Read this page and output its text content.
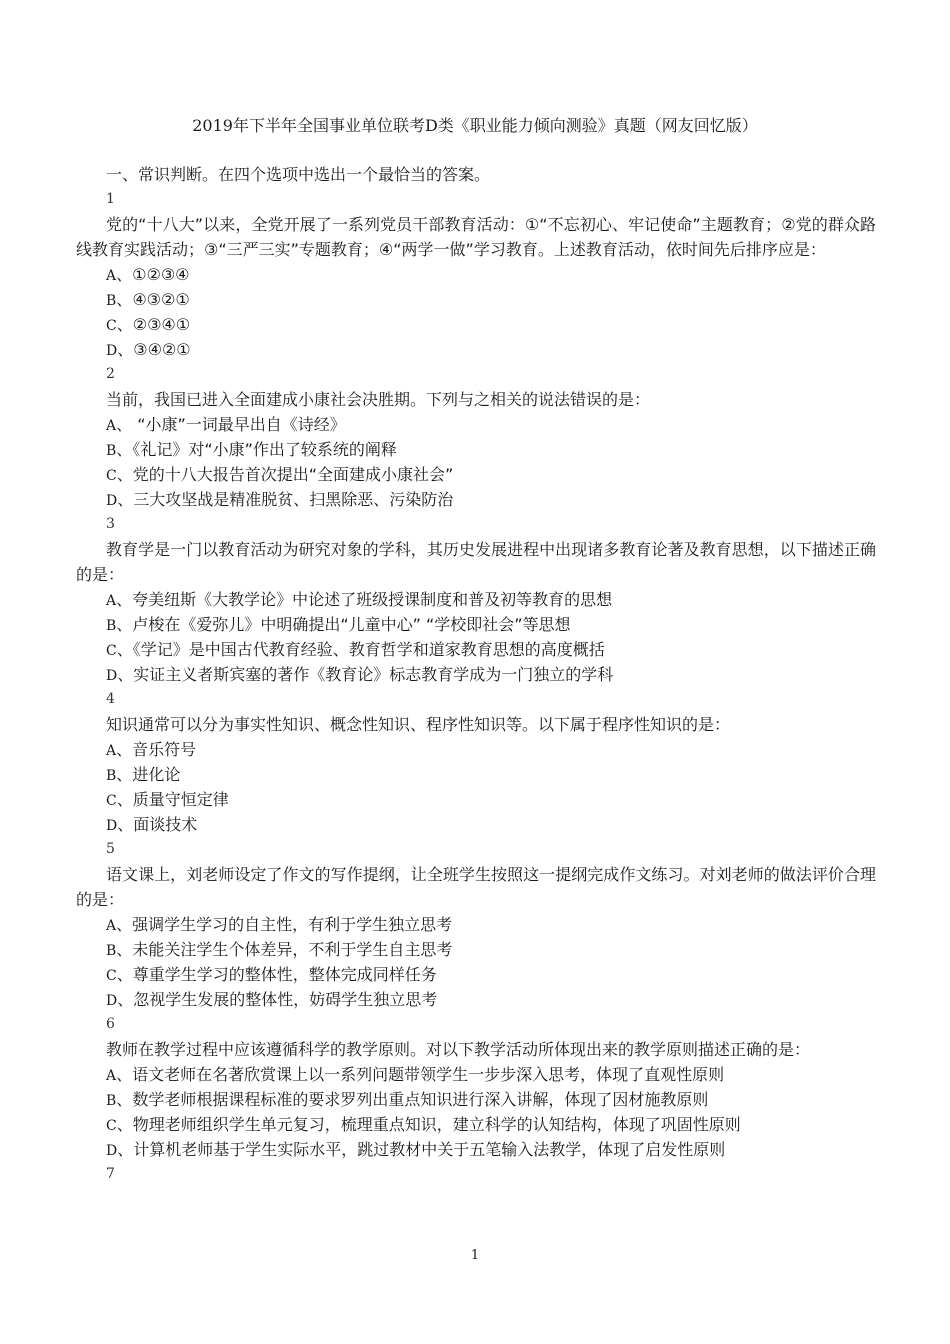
2019年下半年全国事业单位联考D类《职业能力倾向测验》真题（网友回忆版）
一、常识判断。在四个选项中选出一个最恰当的答案。
1

党的“十八大”以来，全党开展了一系列党员干部教育活动：①“不忘初心、牢记使命”主题教育；②党的群众路线教育实践活动；③“三严三实”专题教育；④“两学一做”学习教育。上述教育活动，依时间先后排序应是：

A、①②③④
B、④③②①
C、②③④①
D、③④②①
2

当前，我国已进入全面建成小康社会决胜期。下列与之相关的说法错误的是：

A、 “小康”一词最早出自《诗经》
B、《礼记》对“小康”作出了较系统的阐释
C、党的十八大报告首次提出“全面建成小康社会”
D、三大攻坚战是精准脱贫、扫黑除恶、污染防治
3

教育学是一门以教育活动为研究对象的学科，其历史发展进程中出现诸多教育论著及教育思想，以下描述正确的是：

A、夸美纽斯《大教学论》中论述了班级授课制度和普及初等教育的思想
B、卢梭在《爱弥儿》中明确提出“儿童中心” “学校即社会”等思想
C、《学记》是中国古代教育经验、教育哲学和道家教育思想的高度概括
D、实证主义者斯宾塞的著作《教育论》标志教育学成为一门独立的学科
4

知识通常可以分为事实性知识、概念性知识、程序性知识等。以下属于程序性知识的是：

A、音乐符号
B、进化论
C、质量守恒定律
D、面谈技术
5

语文课上，刘老师设定了作文的写作提纲，让全班学生按照这一提纲完成作文练习。对刘老师的做法评价合理的是：

A、强调学生学习的自主性，有利于学生独立思考
B、未能关注学生个体差异，不利于学生自主思考
C、尊重学生学习的整体性，整体完成同样任务
D、忽视学生发展的整体性，妨碍学生独立思考
6

教师在教学过程中应该遵循科学的教学原则。对以下教学活动所体现出来的教学原则描述正确的是：

A、语文老师在名著欣赏课上以一系列问题带领学生一步步深入思考，体现了直观性原则
B、数学老师根据课程标准的要求罗列出重点知识进行深入讲解，体现了因材施教原则
C、物理老师组织学生单元复习，梳理重点知识，建立科学的认知结构，体现了巩固性原则
D、计算机老师基于学生实际水平，跳过教材中关于五笔输入法教学，体现了启发性原则
7
1
